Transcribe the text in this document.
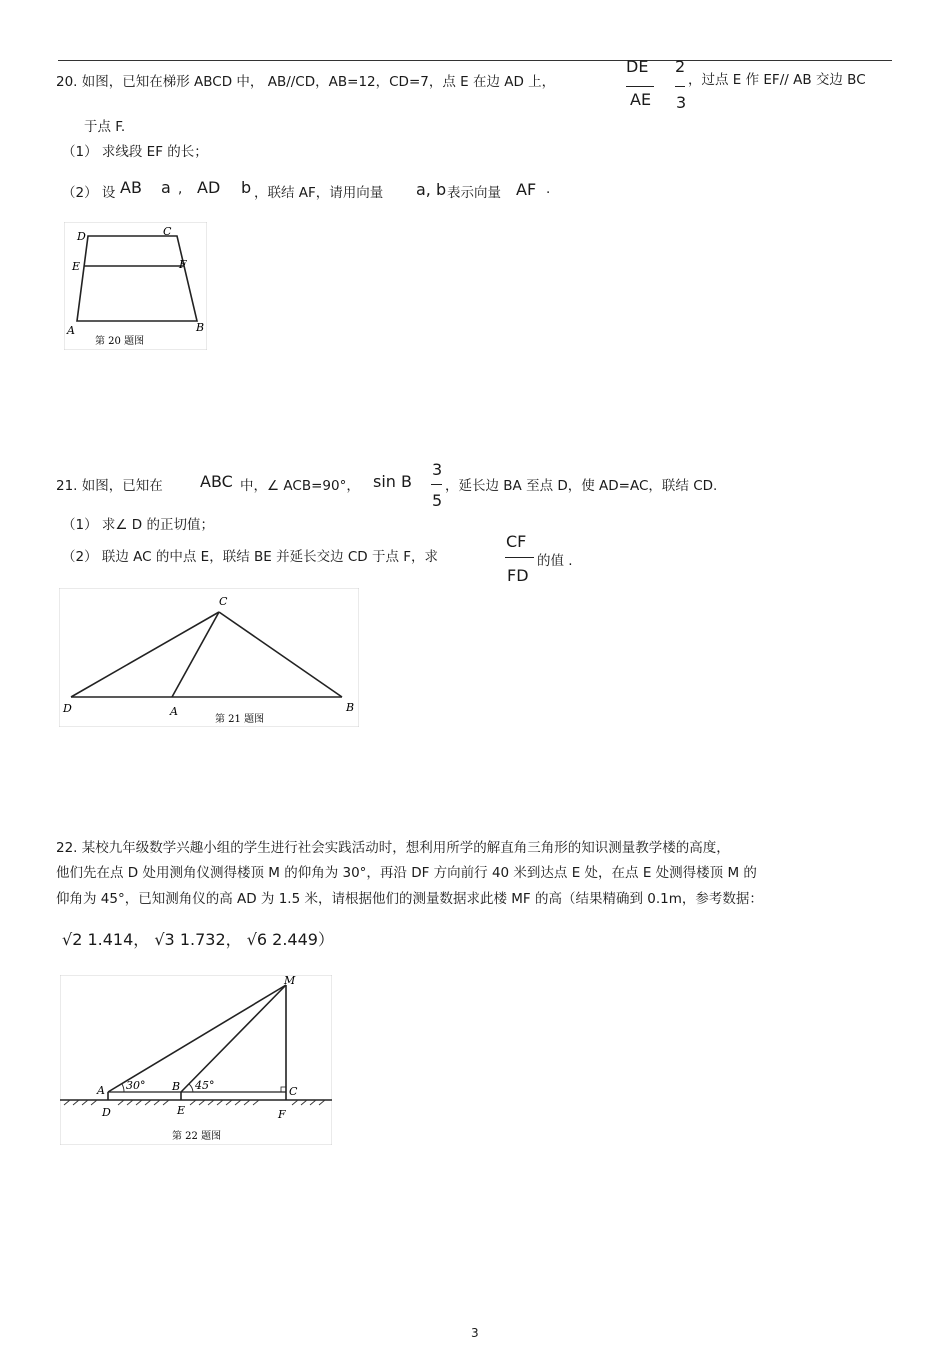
20. 如图，已知在梯形 ABCD 中， AB//CD，AB=12，CD=7，点 E 在边 AD 上，
DE
AE
2
3
，过点 E 作 EF// AB 交边 BC
于点 F.
（1） 求线段 EF 的长；
（2） 设 AB a , AD b ，联结 AF，请用向量 a, b 表示向量 AF .
D	C
E	F
A	B
第 20 题图
21. 如图，已知在 ABC 中，∠ ACB=90°， sin B
3
5
，延长边 BA 至点 D，使 AD=AC，联结 CD.
（1） 求∠ D 的正切值；
（2） 联边 AC 的中点 E，联结 BE 并延长交边 CD 于点 F，求
CF
FD
的值 .
C
D	A	B
第 21 题图
22. 某校九年级数学兴趣小组的学生进行社会实践活动时，想利用所学的解直角三角形的知识测量教学楼的高度，
他们先在点 D 处用测角仪测得楼顶 M 的仰角为 30°，再沿 DF 方向前行 40 米到达点 E 处，在点 E 处测得楼顶 M 的
仰角为 45°，已知测角仪的高 AD 为 1.5 米，请根据他们的测量数据求此楼 MF 的高（结果精确到 0.1m，参考数据：
√2 1.414， √3 1.732， √6 2.449）
M
A	B	C
D	E	F
30°	45°
第 22 题图
3
